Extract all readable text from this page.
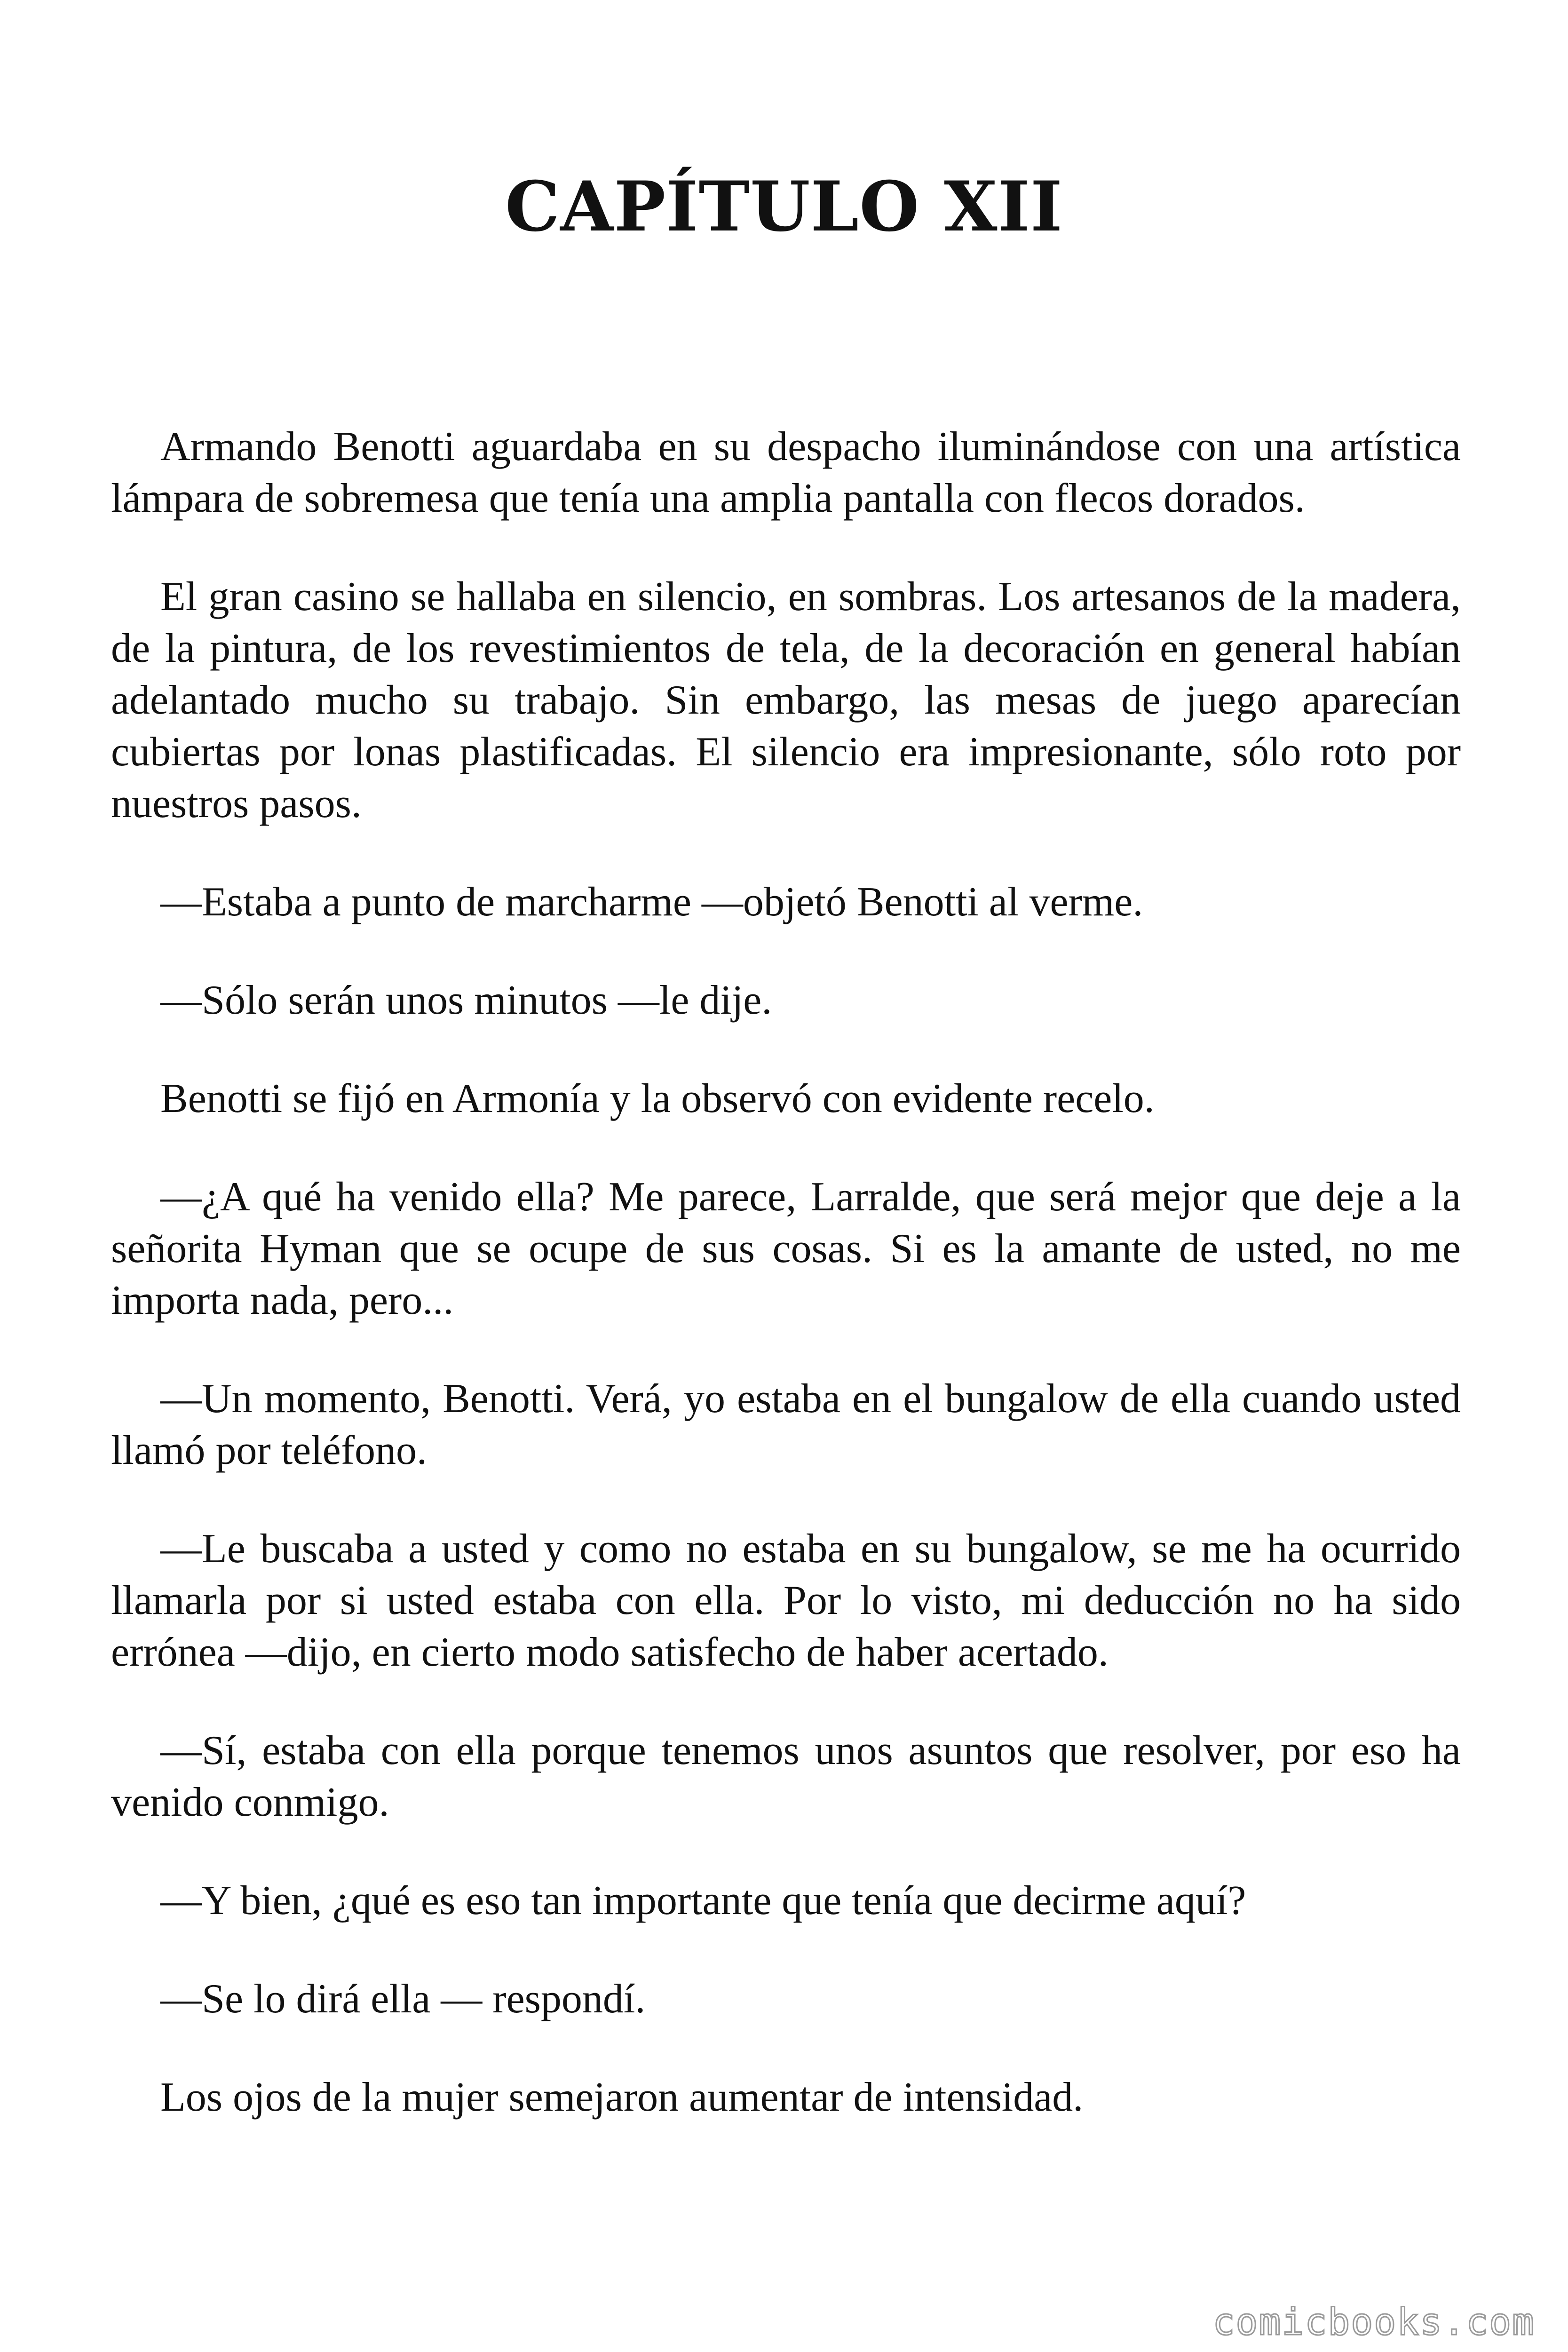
CAPÍTULO XII

Armando Benotti aguardaba en su despacho iluminándose con una artística lámpara de sobremesa que tenía una amplia pantalla con flecos dorados.

El gran casino se hallaba en silencio, en sombras. Los artesanos de la madera, de la pintura, de los revestimientos de tela, de la decoración en general habían adelantado mucho su trabajo. Sin embargo, las mesas de juego aparecían cubiertas por lonas plastificadas. El silencio era impresionante, sólo roto por nuestros pasos.

—Estaba a punto de marcharme —objetó Benotti al verme.

—Sólo serán unos minutos —le dije.

Benotti se fijó en Armonía y la observó con evidente recelo.

—¿A qué ha venido ella? Me parece, Larralde, que será mejor que deje a la señorita Hyman que se ocupe de sus cosas. Si es la amante de usted, no me importa nada, pero...

—Un momento, Benotti. Verá, yo estaba en el bungalow de ella cuando usted llamó por teléfono.

—Le buscaba a usted y como no estaba en su bungalow, se me ha ocurrido llamarla por si usted estaba con ella. Por lo visto, mi deducción no ha sido errónea —dijo, en cierto modo satisfecho de haber acertado.

—Sí, estaba con ella porque tenemos unos asuntos que resolver, por eso ha venido conmigo.

—Y bien, ¿qué es eso tan importante que tenía que decirme aquí?

—Se lo dirá ella — respondí.

Los ojos de la mujer semejaron aumentar de intensidad.

comicbooks.com
